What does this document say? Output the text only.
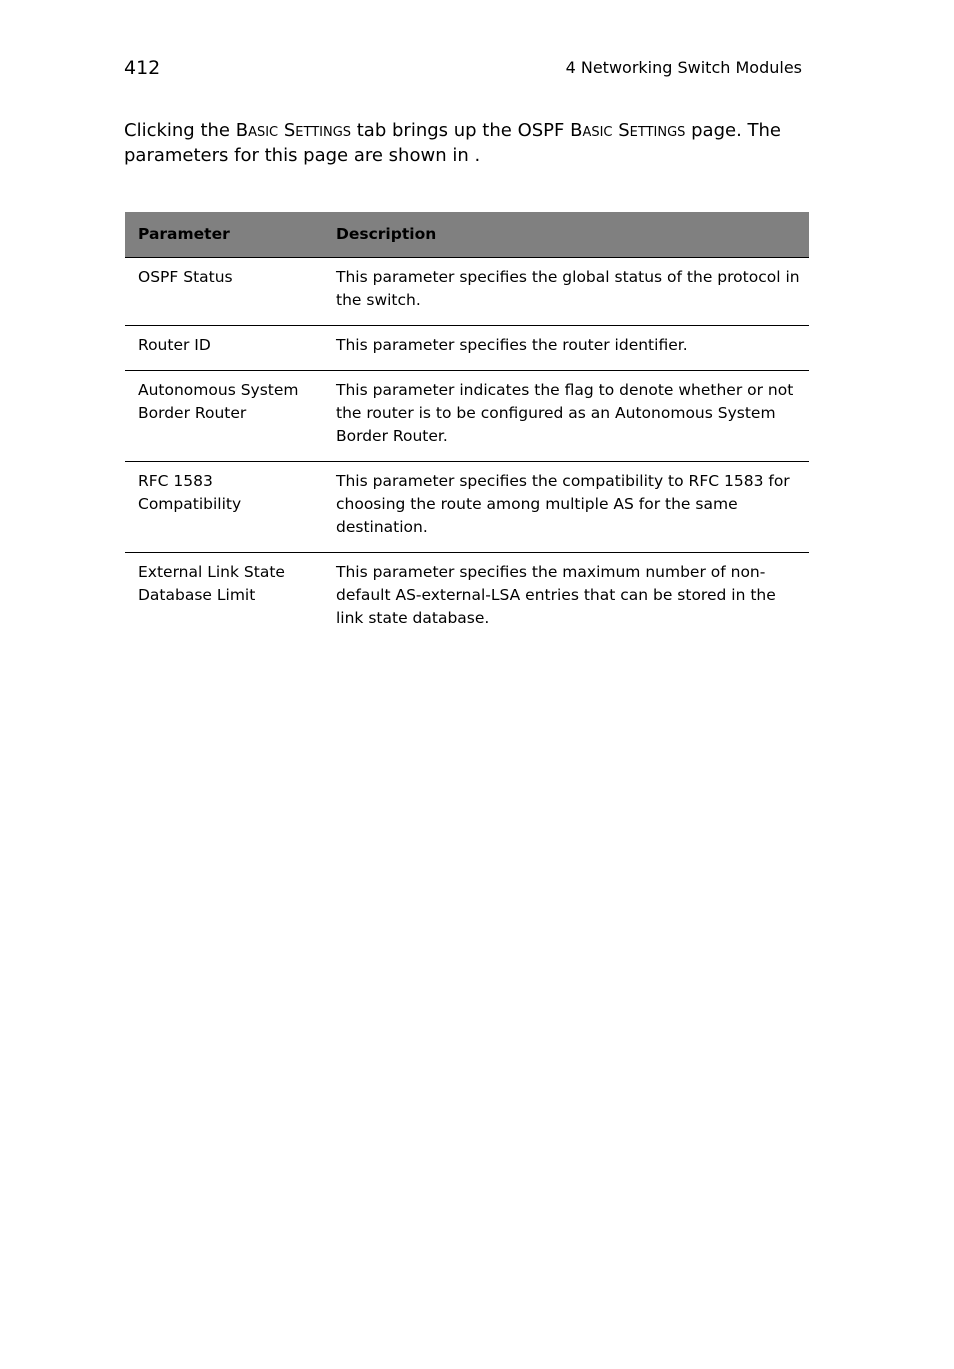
412	4 Networking Switch Modules

Clicking the Basic Settings tab brings up the OSPF Basic Settings page. The parameters for this page are shown in .

Parameter	Description
OSPF Status	This parameter specifies the global status of the protocol in the switch.
Router ID	This parameter specifies the router identifier.
Autonomous System Border Router	This parameter indicates the flag to denote whether or not the router is to be configured as an Autonomous System Border Router.
RFC 1583 Compatibility	This parameter specifies the compatibility to RFC 1583 for choosing the route among multiple AS for the same destination.
External Link State Database Limit	This parameter specifies the maximum number of non-default AS-external-LSA entries that can be stored in the link state database.
